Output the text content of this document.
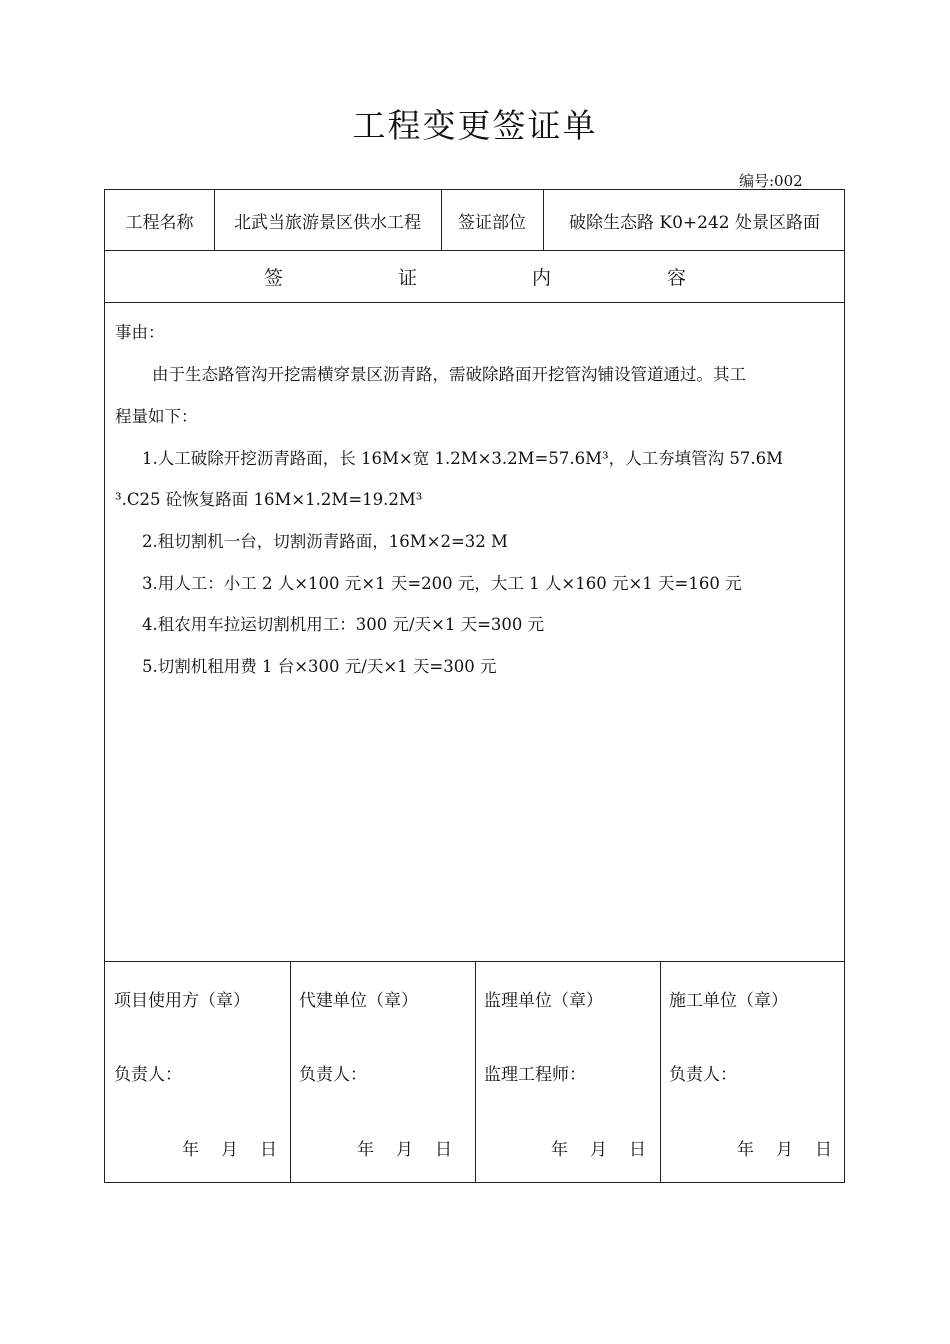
工程变更签证单
编号:002
工程名称	北武当旅游景区供水工程	签证部位	破除生态路 K0+242 处景区路面
签	证	内	容

事由：

由于生态路管沟开挖需横穿景区沥青路，需破除路面开挖管沟铺设管道通过。其工

程量如下：

1.人工破除开挖沥青路面，长 16M×宽 1.2M×3.2M=57.6M³，人工夯填管沟 57.6M

³.C25 砼恢复路面 16M×1.2M=19.2M³

2.租切割机一台，切割沥青路面，16M×2=32 M

3.用人工：小工 2 人×100 元×1 天=200 元，大工 1 人×160 元×1 天=160 元

4.租农用车拉运切割机用工：300 元/天×1 天=300 元

5.切割机租用费 1 台×300 元/天×1 天=300 元

项目使用方（章）
负责人：
年 月 日
代建单位（章）
负责人：
年 月 日
监理单位（章）
监理工程师：
年 月 日
施工单位（章）
负责人：
年 月 日
